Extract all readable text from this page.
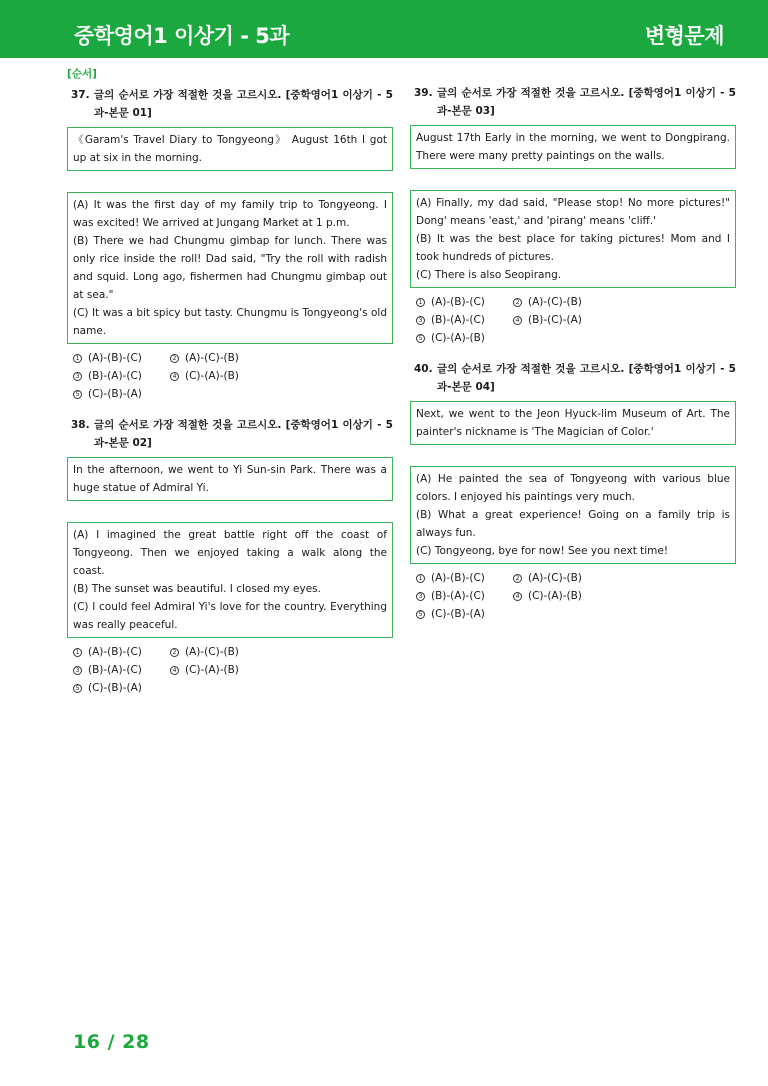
중학영어1 이상기 - 5과	변형문제
[순서]
37. 글의 순서로 가장 적절한 것을 고르시오. [중학영어1 이상기 - 5과-본문 01]

《Garam's Travel Diary to Tongyeong》 August 16th I got up at six in the morning.

(A) It was the first day of my family trip to Tongyeong. I was excited! We arrived at Jungang Market at 1 p.m.

(B) There we had Chungmu gimbap for lunch. There was only rice inside the roll! Dad said, "Try the roll with radish and squid. Long ago, fishermen had Chungmu gimbap out at sea."

(C) It was a bit spicy but tasty. Chungmu is Tongyeong's old name.

1 (A)-(B)-(C)	2 (A)-(C)-(B)
3 (B)-(A)-(C)	4 (C)-(A)-(B)
5 (C)-(B)-(A)
38. 글의 순서로 가장 적절한 것을 고르시오. [중학영어1 이상기 - 5과-본문 02]

In the afternoon, we went to Yi Sun-sin Park. There was a huge statue of Admiral Yi.

(A) I imagined the great battle right off the coast of Tongyeong. Then we enjoyed taking a walk along the coast.

(B) The sunset was beautiful. I closed my eyes.

(C) I could feel Admiral Yi's love for the country. Everything was really peaceful.

1 (A)-(B)-(C)	2 (A)-(C)-(B)
3 (B)-(A)-(C)	4 (C)-(A)-(B)
5 (C)-(B)-(A)
39. 글의 순서로 가장 적절한 것을 고르시오. [중학영어1 이상기 - 5과-본문 03]

August 17th Early in the morning, we went to Dongpirang. There were many pretty paintings on the walls.

(A) Finally, my dad said, "Please stop! No more pictures!" Dong' means 'east,' and 'pirang' means 'cliff.'

(B) It was the best place for taking pictures! Mom and I took hundreds of pictures.

(C) There is also Seopirang.

1 (A)-(B)-(C)	2 (A)-(C)-(B)
3 (B)-(A)-(C)	4 (B)-(C)-(A)
5 (C)-(A)-(B)
40. 글의 순서로 가장 적절한 것을 고르시오. [중학영어1 이상기 - 5과-본문 04]

Next, we went to the Jeon Hyuck-lim Museum of Art. The painter's nickname is 'The Magician of Color.'

(A) He painted the sea of Tongyeong with various blue colors. I enjoyed his paintings very much.

(B) What a great experience! Going on a family trip is always fun.

(C) Tongyeong, bye for now! See you next time!

1 (A)-(B)-(C)	2 (A)-(C)-(B)
3 (B)-(A)-(C)	4 (C)-(A)-(B)
5 (C)-(B)-(A)
16 / 28
